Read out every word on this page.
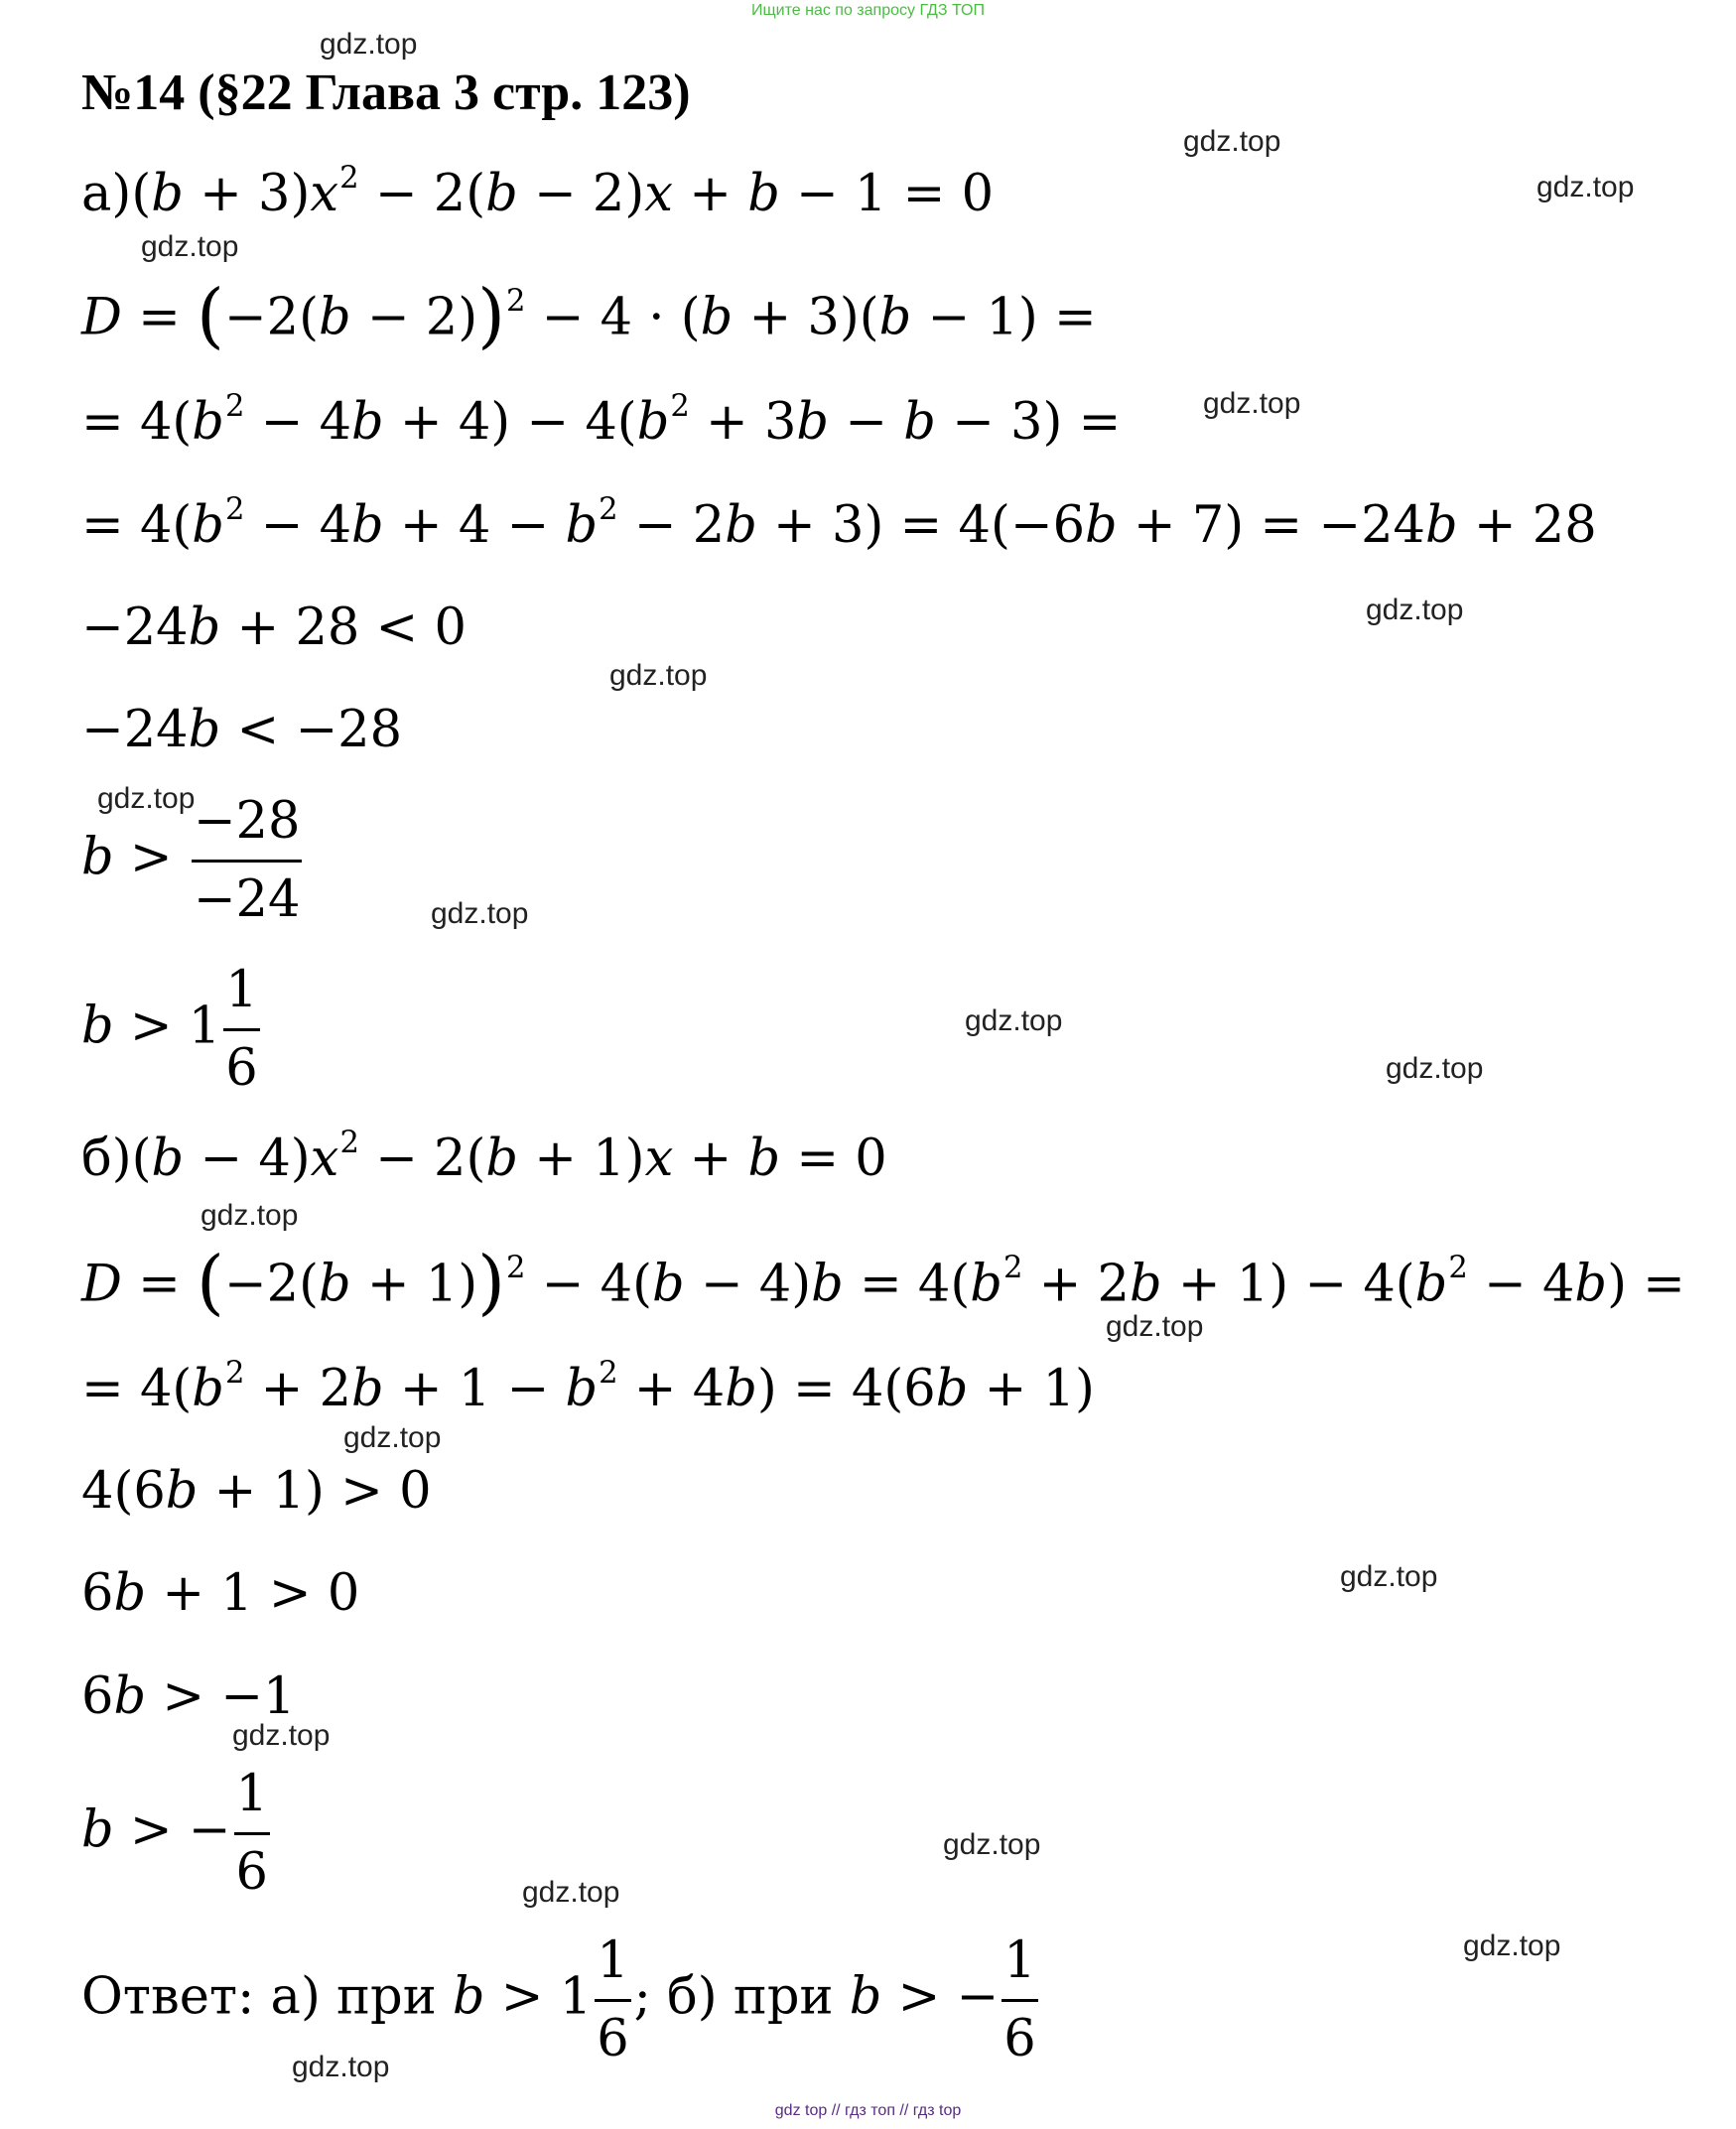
Ищите нас по запросу ГДЗ ТОП
№14 (§22 Глава 3 стр. 123)
$а)(b + 3)x^2 - 2(b - 2)x + b - 1 = 0$
$D = (-2(b - 2))^2 - 4 \cdot (b + 3)(b - 1)$ =
= $4(b^2 - 4b + 4) - 4(b^2 + 3b - b - 3)$ =
= $4(b^2 - 4b + 4 - b^2 - 2b + 3) = 4(-6b + 7) = -24b + 28$
−24b + 28 < 0
−24b < −28
$b > \frac{-28}{-24}$
$b > 1 \frac{1}{6}$
$б)(b - 4)x^2 - 2(b + 1)x + b = 0$
$D = (-2(b + 1))^2 - 4(b - 4)b = 4(b^2 + 2b + 1) - 4(b^2 - 4b)$ =
= $4(b^2 + 2b + 1 - b^2 + 4b) = 4(6b + 1)$
4(6b + 1) > 0
6b + 1 > 0
6b > −1
b > − $\frac{1}{6}$
Ответ: а) при $b > 1 \frac{1}{6}$ ; б) при b > − $\frac{1}{6}$
gdz.top
gdz.top
gdz.top
gdz.top
gdz.top
gdz.top
gdz.top
gdz.top
gdz.top
gdz.top
gdz.top
gdz.top
gdz.top
gdz.top
gdz.top
gdz.top
gdz.top
gdz.top
gdz.top
gdz.top
gdz top // гдз топ // гдз top
